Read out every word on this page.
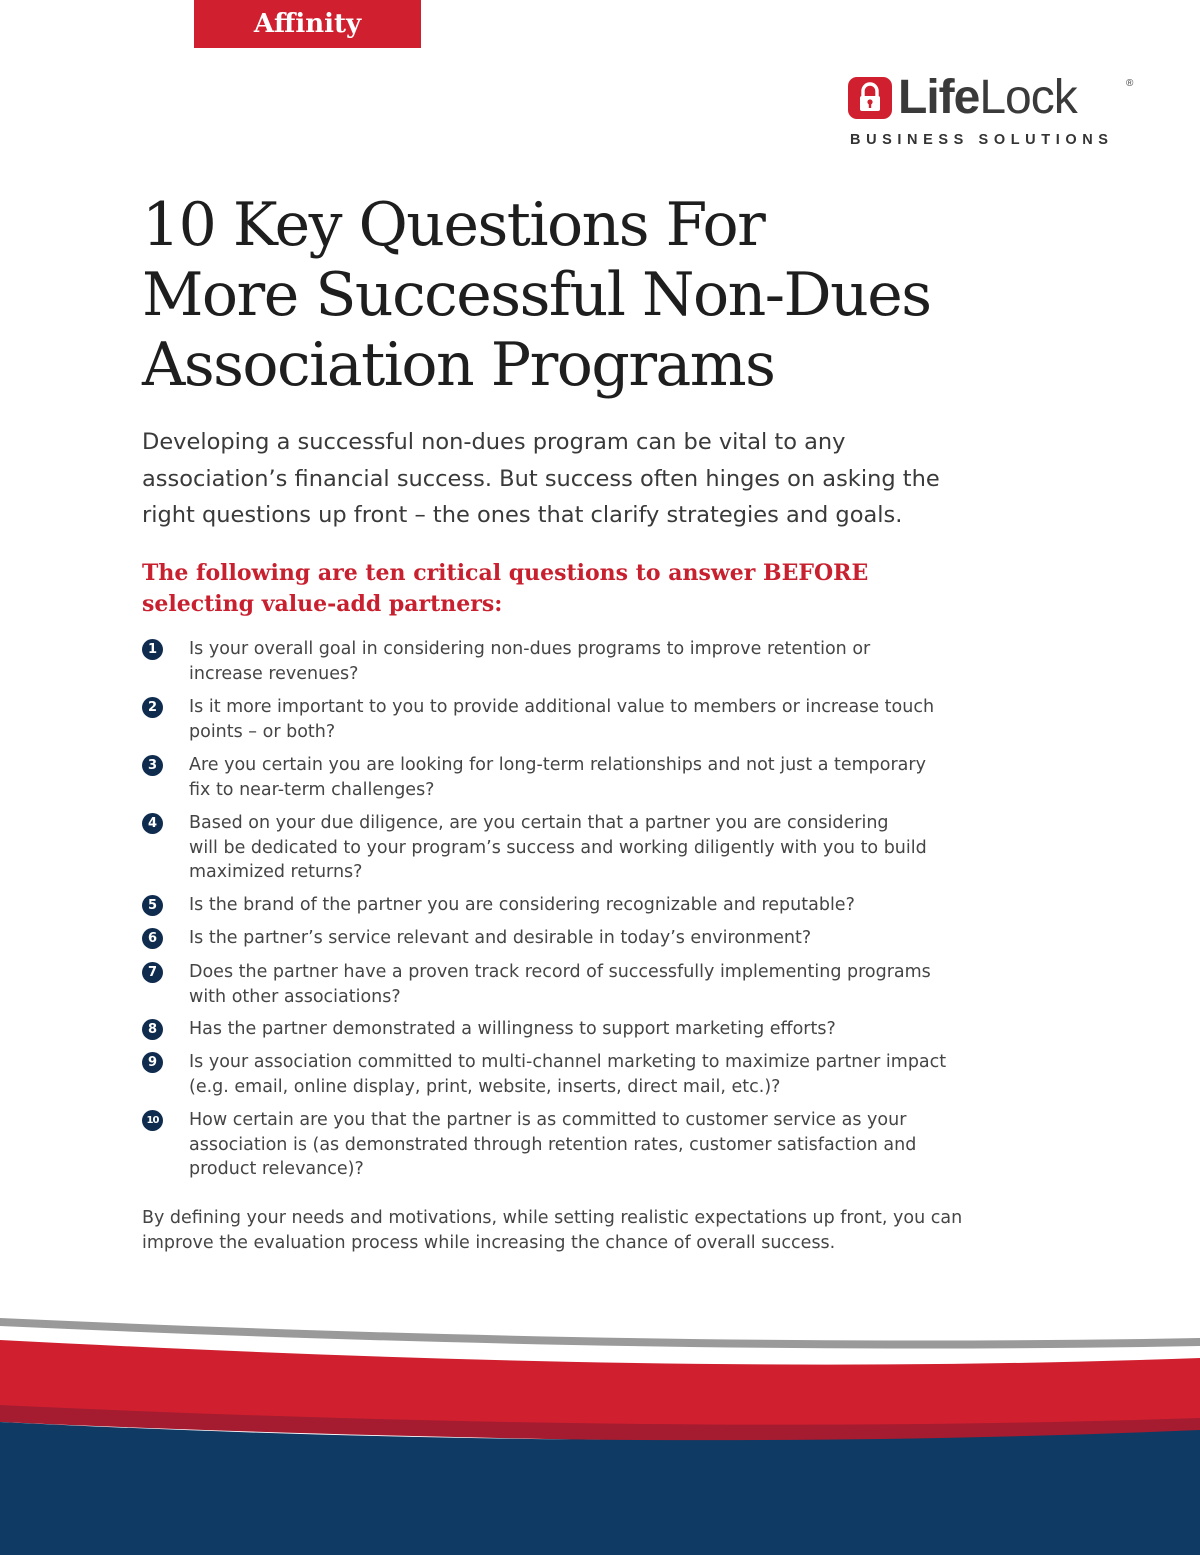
Affinity
LifeLock	®
BUSINESS SOLUTIONS
10 Key Questions For
More Successful Non-Dues
Association Programs

Developing a successful non-dues program can be vital to any
association’s financial success. But success often hinges on asking the
right questions up front – the ones that clarify strategies and goals.

The following are ten critical questions to answer BEFORE
selecting value-add partners:
1	Is your overall goal in considering non-dues programs to improve retention or
increase revenues?
2	Is it more important to you to provide additional value to members or increase touch
points – or both?
3	Are you certain you are looking for long-term relationships and not just a temporary
fix to near-term challenges?
4	Based on your due diligence, are you certain that a partner you are considering
will be dedicated to your program’s success and working diligently with you to build
maximized returns?
5	Is the brand of the partner you are considering recognizable and reputable?
6	Is the partner’s service relevant and desirable in today’s environment?
7	Does the partner have a proven track record of successfully implementing programs
with other associations?
8	Has the partner demonstrated a willingness to support marketing efforts?
9	Is your association committed to multi-channel marketing to maximize partner impact
(e.g. email, online display, print, website, inserts, direct mail, etc.)?
10 How certain are you that the partner is as committed to customer service as your
association is (as demonstrated through retention rates, customer satisfaction and
product relevance)?
By defining your needs and motivations, while setting realistic expectations up front, you can
improve the evaluation process while increasing the chance of overall success.
